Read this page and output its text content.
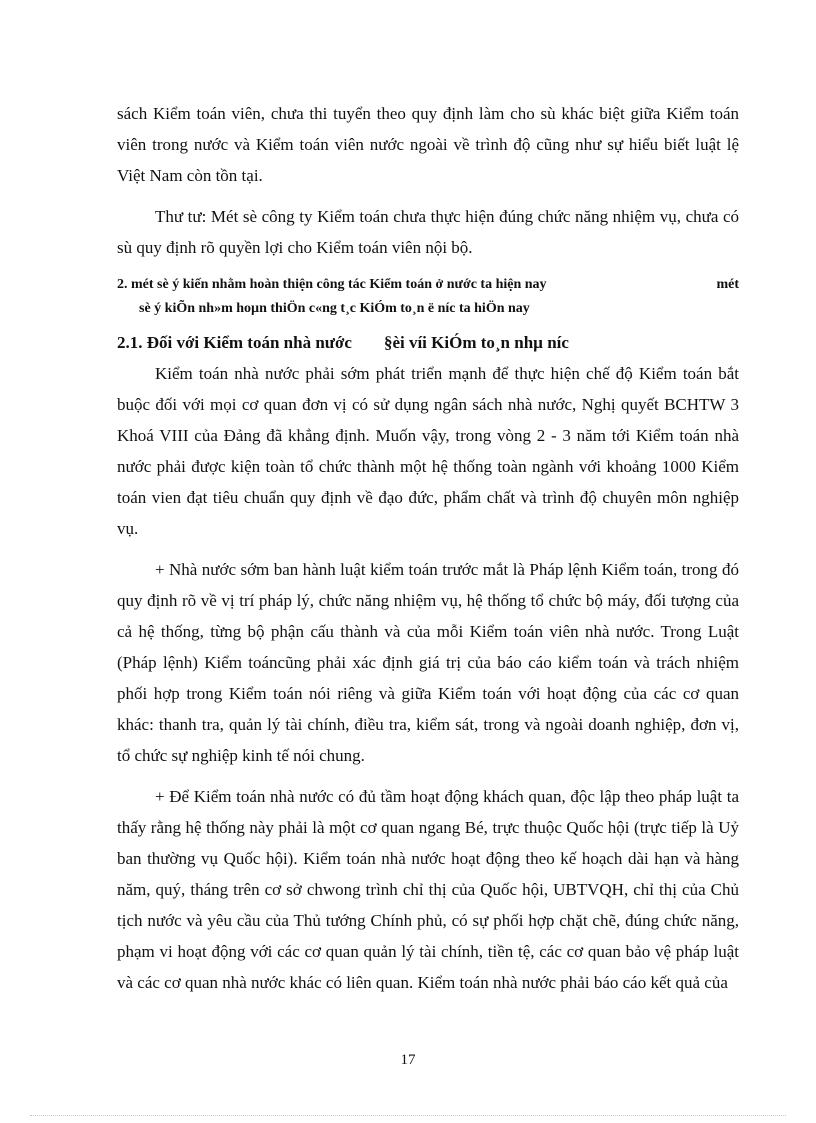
sách Kiểm toán viên, chưa thi tuyển theo quy định làm cho sù khác biệt giữa Kiểm toán viên trong nước và Kiểm toán viên nước ngoài về trình độ cũng như sự hiểu biết luật lệ Việt Nam còn tồn tại.

Thư tư: Mét sè công ty Kiểm toán chưa thực hiện đúng chức năng nhiệm vụ, chưa có sù quy định rõ quyền lợi cho Kiểm toán viên nội bộ.

2. mét sè ý kiến nhằm hoàn thiện công tác Kiểm toán ở nước ta hiện nay	mét
sè ý kiÕn nh»m hoµn thiÖn c«ng t¸c KiÓm to¸n ë níc ta hiÖn nay
2.1. Đối với Kiểm toán nhà nước §èi víi KiÓm to¸n nhµ níc

Kiểm toán nhà nước phải sớm phát triển mạnh để thực hiện chế độ Kiểm toán bắt buộc đối với mọi cơ quan đơn vị có sử dụng ngân sách nhà nước, Nghị quyết BCHTW 3 Khoá VIII của Đảng đã khẳng định. Muốn vậy, trong vòng 2 - 3 năm tới Kiểm toán nhà nước phải được kiện toàn tổ chức thành một hệ thống toàn ngành với khoảng 1000 Kiểm toán vien đạt tiêu chuẩn quy định về đạo đức, phẩm chất và trình độ chuyên môn nghiệp vụ.

+ Nhà nước sớm ban hành luật kiểm toán trước mắt là Pháp lệnh Kiểm toán, trong đó quy định rõ về vị trí pháp lý, chức năng nhiệm vụ, hệ thống tổ chức bộ máy, đối tượng của cả hệ thống, từng bộ phận cấu thành và của mỗi Kiểm toán viên nhà nước. Trong Luật (Pháp lệnh) Kiểm toáncũng phải xác định giá trị của báo cáo kiểm toán và trách nhiệm phối hợp trong Kiểm toán nói riêng và giữa Kiểm toán với hoạt động của các cơ quan khác: thanh tra, quản lý tài chính, điều tra, kiểm sát, trong và ngoài doanh nghiệp, đơn vị, tổ chức sự nghiệp kinh tế nói chung.

+ Để Kiểm toán nhà nước có đủ tầm hoạt động khách quan, độc lập theo pháp luật ta thấy rằng hệ thống này phải là một cơ quan ngang Bé, trực thuộc Quốc hội (trực tiếp là Uỷ ban thường vụ Quốc hội). Kiểm toán nhà nước hoạt động theo kế hoạch dài hạn và hàng năm, quý, tháng trên cơ sở chwong trình chỉ thị của Quốc hội, UBTVQH, chỉ thị của Chủ tịch nước và yêu cầu của Thủ tướng Chính phủ, có sự phối hợp chặt chẽ, đúng chức năng, phạm vi hoạt động với các cơ quan quản lý tài chính, tiền tệ, các cơ quan bảo vệ pháp luật và các cơ quan nhà nước khác có liên quan. Kiểm toán nhà nước phải báo cáo kết quả của

17
